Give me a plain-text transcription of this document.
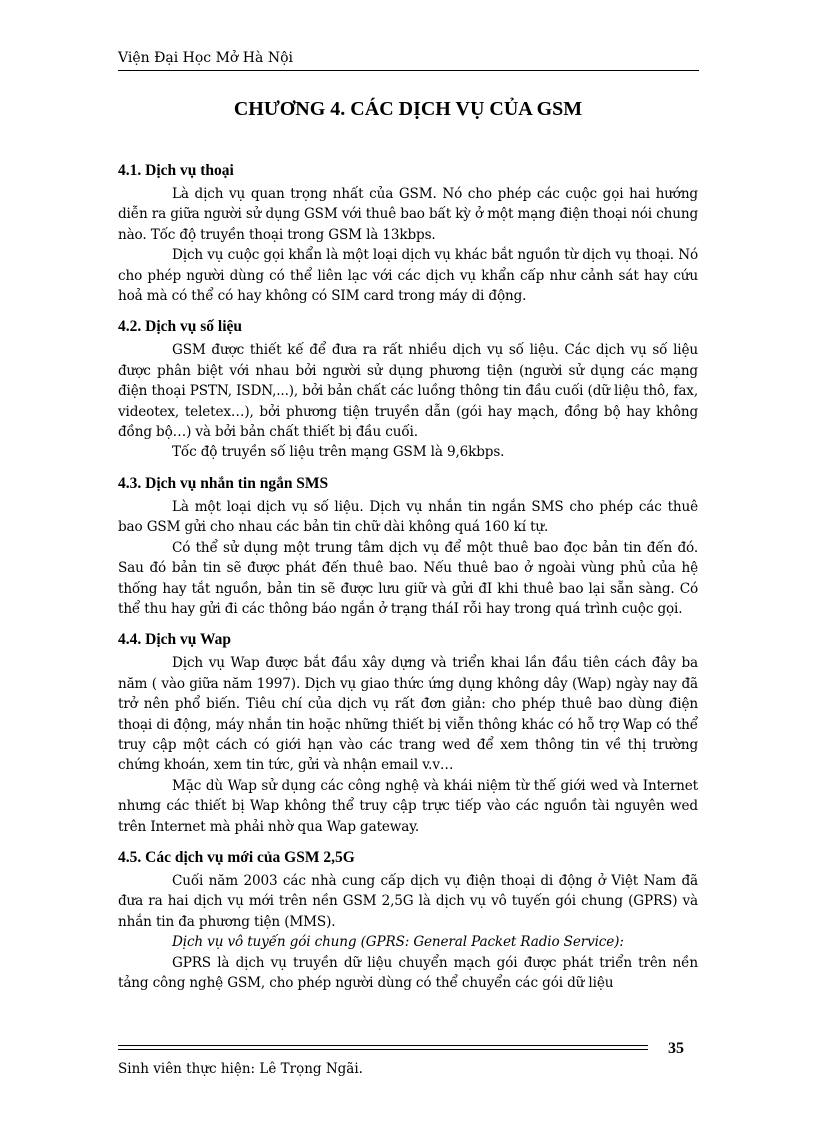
Viện Đại Học Mở Hà Nội
CHƯƠNG 4. CÁC DỊCH VỤ CỦA GSM
4.1. Dịch vụ thoại

Là dịch vụ quan trọng nhất của GSM. Nó cho phép các cuộc gọi hai hướng diễn ra giữa người sử dụng GSM với thuê bao bất kỳ ở một mạng điện thoại nói chung nào. Tốc độ truyền thoại trong GSM là 13kbps.

Dịch vụ cuộc gọi khẩn là một loại dịch vụ khác bắt nguồn từ dịch vụ thoại. Nó cho phép người dùng có thể liên lạc với các dịch vụ khẩn cấp như cảnh sát hay cứu hoả mà có thể có hay không có SIM card trong máy di động.

4.2. Dịch vụ số liệu

GSM được thiết kế để đưa ra rất nhiều dịch vụ số liệu. Các dịch vụ số liệu được phân biệt với nhau bởi người sử dụng phương tiện (người sử dụng các mạng điện thoại PSTN, ISDN,...), bởi bản chất các luồng thông tin đầu cuối (dữ liệu thô, fax, videotex, teletex…), bởi phương tiện truyền dẫn (gói hay mạch, đồng bộ hay không đồng bộ…) và bởi bản chất thiết bị đầu cuối.

Tốc độ truyền số liệu trên mạng GSM là 9,6kbps.

4.3. Dịch vụ nhắn tin ngắn SMS

Là một loại dịch vụ số liệu. Dịch vụ nhắn tin ngắn SMS cho phép các thuê bao GSM gửi cho nhau các bản tin chữ dài không quá 160 kí tự.

Có thể sử dụng một trung tâm dịch vụ để một thuê bao đọc bản tin đến đó. Sau đó bản tin sẽ được phát đến thuê bao. Nếu thuê bao ở ngoài vùng phủ của hệ thống hay tắt nguồn, bản tin sẽ được lưu giữ và gửi đI khi thuê bao lại sẵn sàng. Có thể thu hay gửi đi các thông báo ngắn ở trạng tháI rỗi hay trong quá trình cuộc gọi.

4.4. Dịch vụ Wap

Dịch vụ Wap được bắt đầu xây dựng và triển khai lần đầu tiên cách đây ba năm ( vào giữa năm 1997). Dịch vụ giao thức ứng dụng không dây (Wap) ngày nay đã trở nên phổ biến. Tiêu chí của dịch vụ rất đơn giản: cho phép thuê bao dùng điện thoại di động, máy nhắn tin hoặc những thiết bị viễn thông khác có hỗ trợ Wap có thể truy cập một cách có giới hạn vào các trang wed để xem thông tin về thị trường chứng khoán, xem tin tức, gửi và nhận email v.v…

Mặc dù Wap sử dụng các công nghệ và khái niệm từ thế giới wed và Internet nhưng các thiết bị Wap không thể truy cập trực tiếp vào các nguồn tài nguyên wed trên Internet mà phải nhờ qua Wap gateway.

4.5. Các dịch vụ mới của GSM 2,5G

Cuối năm 2003 các nhà cung cấp dịch vụ điện thoại di động ở Việt Nam đã đưa ra hai dịch vụ mới trên nền GSM 2,5G là dịch vụ vô tuyến gói chung (GPRS) và nhắn tin đa phương tiện (MMS).

Dịch vụ vô tuyến gói chung (GPRS: General Packet Radio Service):

GPRS là dịch vụ truyền dữ liệu chuyển mạch gói được phát triển trên nền tảng công nghệ GSM, cho phép người dùng có thể chuyển các gói dữ liệu

35
Sinh viên thực hiện: Lê Trọng Ngãi.
